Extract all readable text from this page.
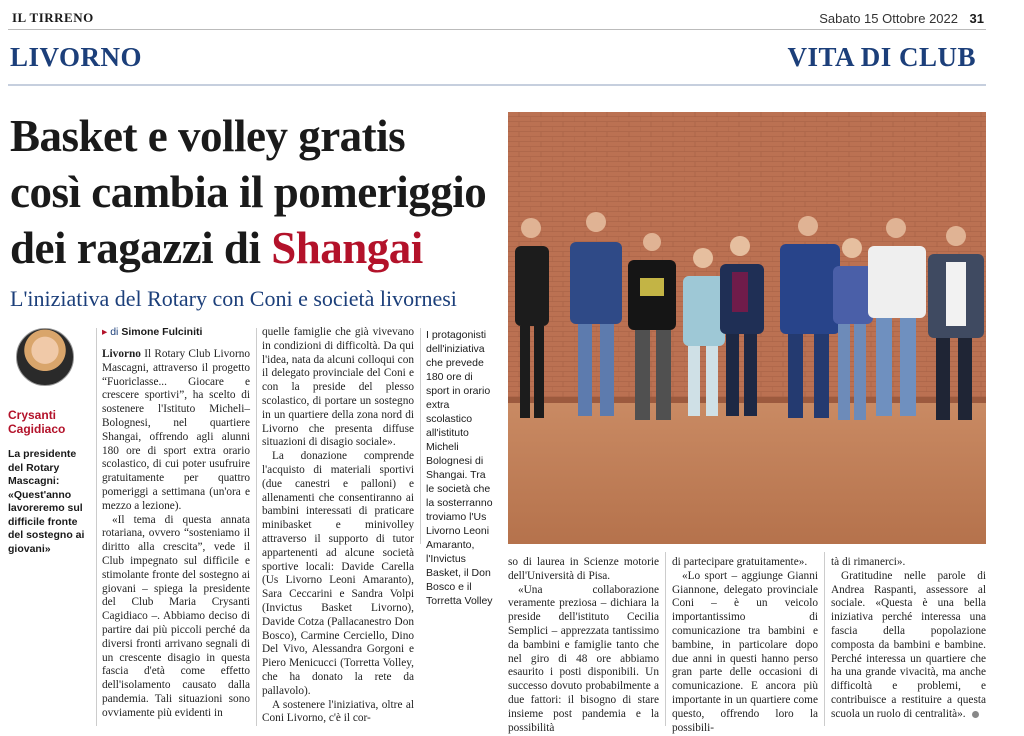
IL TIRRENO	Sabato 15 Ottobre 2022 31
LIVORNO	VITA DI CLUB
Basket e volley gratis
così cambia il pomeriggio
dei ragazzi di Shangai
L'iniziativa del Rotary con Coni e società livornesi
Crysanti Cagidiaco
La presidente del Rotary Mascagni: «Quest'anno lavoreremo sul difficile fronte del sostegno ai giovani»
▸ di Simone Fulciniti

Livorno Il Rotary Club Livorno Mascagni, attraverso il progetto “Fuoriclasse... Giocare e crescere sportivi”, ha scelto di sostenere l'Istituto Micheli–Bolognesi, nel quartiere Shangai, offrendo agli alunni 180 ore di sport extra orario scolastico, di cui poter usufruire gratuitamente per quattro pomeriggi a settimana (un'ora e mezzo a lezione).

«Il tema di questa annata rotariana, ovvero “sosteniamo il diritto alla crescita”, vede il Club impegnato sul difficile e stimolante fronte del sostegno ai giovani – spiega la presidente del Club Maria Crysanti Cagidiaco –. Abbiamo deciso di partire dai più piccoli perché da diversi fronti arrivano segnali di un crescente disagio in questa fascia d'età come effetto dell'isolamento causato dalla pandemia. Tali situazioni sono ovviamente più evidenti in

quelle famiglie che già vivevano in condizioni di difficoltà. Da qui l'idea, nata da alcuni colloqui con il delegato provinciale del Coni e con la preside del plesso scolastico, di portare un sostegno in un quartiere della zona nord di Livorno che presenta diffuse situazioni di disagio sociale».

La donazione comprende l'acquisto di materiali sportivi (due canestri e palloni) e allenamenti che consentiranno ai bambini interessati di praticare minibasket e minivolley attraverso il supporto di tutor appartenenti ad alcune società sportive locali: Davide Carella (Us Livorno Leoni Amaranto), Sara Ceccarini e Sandra Volpi (Invictus Basket Livorno), Davide Cotza (Pallacanestro Don Bosco), Carmine Cerciello, Dino Del Vivo, Alessandra Gorgoni e Piero Menicucci (Torretta Volley, che ha donato la rete da pallavolo).

A sostenere l'iniziativa, oltre al Coni Livorno, c'è il cor-

I protagonisti dell'iniziativa che prevede 180 ore di sport in orario extra scolastico all'istituto Micheli Bolognesi di Shangai. Tra le società che la sosterranno troviamo l'Us Livorno Leoni Amaranto, l'Invictus Basket, il Don Bosco e il Torretta Volley

so di laurea in Scienze motorie dell'Università di Pisa.

«Una collaborazione veramente preziosa – dichiara la preside dell'istituto Cecilia Semplici – apprezzata tantissimo da bambini e famiglie tanto che nel giro di 48 ore abbiamo esaurito i posti disponibili. Un successo dovuto probabilmente a due fattori: il bisogno di stare insieme post pandemia e la possibilità

di partecipare gratuitamente».

«Lo sport – aggiunge Gianni Giannone, delegato provinciale Coni – è un veicolo importantissimo di comunicazione tra bambini e bambine, in particolare dopo due anni in questi hanno perso gran parte delle occasioni di comunicazione. E ancora più importante in un quartiere come questo, offrendo loro la possibili-

tà di rimanerci».

Gratitudine nelle parole di Andrea Raspanti, assessore al sociale. «Questa è una bella iniziativa perché interessa una fascia della popolazione composta da bambini e bambine. Perché interessa un quartiere che ha una grande vivacità, ma anche difficoltà e problemi, e contribuisce a restituire a questa scuola un ruolo di centralità».
